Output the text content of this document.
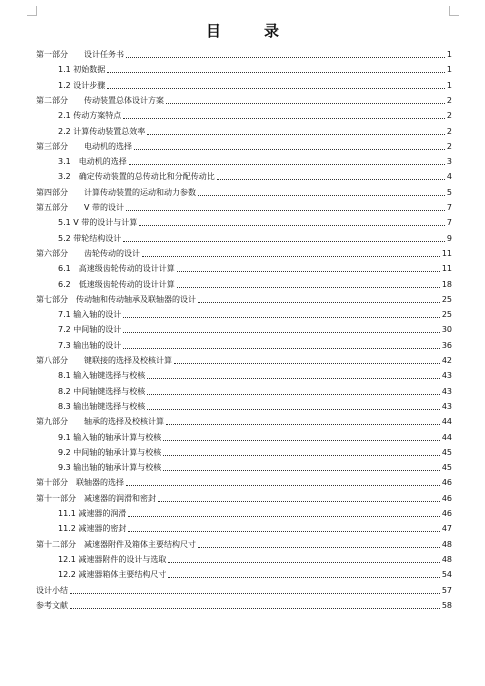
目　录
第一部分　　设计任务书	1
1.1 初始数据	1
1.2 设计步骤	1
第二部分　　传动装置总体设计方案	2
2.1 传动方案特点	2
2.2 计算传动装置总效率	2
第三部分　　电动机的选择	2
3.1　电动机的选择	3
3.2　确定传动装置的总传动比和分配传动比	4
第四部分　　计算传动装置的运动和动力参数	5
第五部分　　V 带的设计	7
5.1 V 带的设计与计算	7
5.2 带轮结构设计	9
第六部分　　齿轮传动的设计	11
6.1　高速级齿轮传动的设计计算	11
6.2　低速级齿轮传动的设计计算	18
第七部分　传动轴和传动轴承及联轴器的设计	25
7.1 输入轴的设计	25
7.2 中间轴的设计	30
7.3 输出轴的设计	36
第八部分　　键联接的选择及校核计算	42
8.1 输入轴键选择与校核	43
8.2 中间轴键选择与校核	43
8.3 输出轴键选择与校核	43
第九部分　　轴承的选择及校核计算	44
9.1 输入轴的轴承计算与校核	44
9.2 中间轴的轴承计算与校核	45
9.3 输出轴的轴承计算与校核	45
第十部分　联轴器的选择	46
第十一部分　减速器的润滑和密封	46
11.1 减速器的润滑	46
11.2 减速器的密封	47
第十二部分　减速器附件及箱体主要结构尺寸	48
12.1 减速器附件的设计与选取	48
12.2 减速器箱体主要结构尺寸	54
设计小结	57
参考文献	58
